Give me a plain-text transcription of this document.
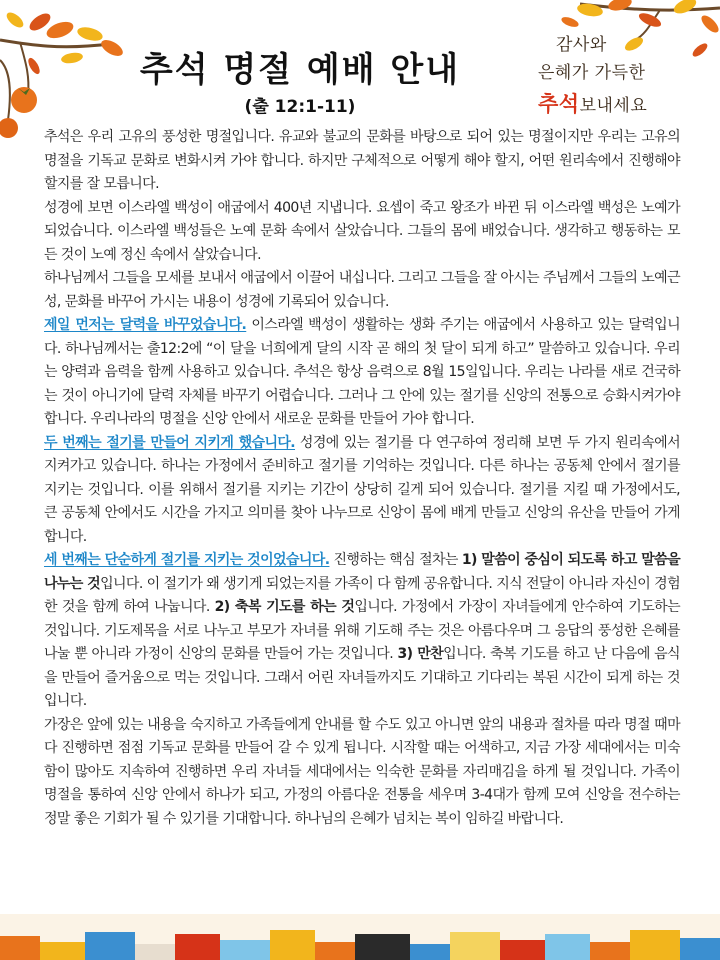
감사와
은혜가 가득한
추석보내세요
추석 명절 예배 안내
(출 12:1-11)

추석은 우리 고유의 풍성한 명절입니다. 유교와 불교의 문화를 바탕으로 되어 있는 명절이지만 우리는 고유의 명절을 기독교 문화로 변화시켜 가야 합니다. 하지만 구체적으로 어떻게 해야 할지, 어떤 원리속에서 진행해야 할지를 잘 모릅니다.

성경에 보면 이스라엘 백성이 애굽에서 400년 지냅니다. 요셉이 죽고 왕조가 바뀐 뒤 이스라엘 백성은 노예가 되었습니다. 이스라엘 백성들은 노예 문화 속에서 살았습니다. 그들의 몸에 배었습니다. 생각하고 행동하는 모든 것이 노예 정신 속에서 살았습니다.

하나님께서 그들을 모세를 보내서 애굽에서 이끌어 내십니다. 그리고 그들을 잘 아시는 주님께서 그들의 노예근성, 문화를 바꾸어 가시는 내용이 성경에 기록되어 있습니다.

제일 먼저는 달력을 바꾸었습니다. 이스라엘 백성이 생활하는 생화 주기는 애굽에서 사용하고 있는 달력입니다. 하나님께서는 출12:2에 “이 달을 너희에게 달의 시작 곧 해의 첫 달이 되게 하고” 말씀하고 있습니다. 우리는 양력과 음력을 함께 사용하고 있습니다. 추석은 항상 음력으로 8월 15일입니다. 우리는 나라를 새로 건국하는 것이 아니기에 달력 자체를 바꾸기 어렵습니다. 그러나 그 안에 있는 절기를 신앙의 전통으로 승화시켜가야 합니다. 우리나라의 명절을 신앙 안에서 새로운 문화를 만들어 가야 합니다.

두 번째는 절기를 만들어 지키게 했습니다. 성경에 있는 절기를 다 연구하여 정리해 보면 두 가지 원리속에서 지켜가고 있습니다. 하나는 가정에서 준비하고 절기를 기억하는 것입니다. 다른 하나는 공동체 안에서 절기를 지키는 것입니다. 이를 위해서 절기를 지키는 기간이 상당히 길게 되어 있습니다. 절기를 지킬 때 가정에서도, 큰 공동체 안에서도 시간을 가지고 의미를 찾아 나누므로 신앙이 몸에 배게 만들고 신앙의 유산을 만들어 가게 합니다.

세 번째는 단순하게 절기를 지키는 것이었습니다. 진행하는 핵심 절차는 1) 말씀이 중심이 되도록 하고 말씀을 나누는 것입니다. 이 절기가 왜 생기게 되었는지를 가족이 다 함께 공유합니다. 지식 전달이 아니라 자신이 경험한 것을 함께 하여 나눕니다. 2) 축복 기도를 하는 것입니다. 가정에서 가장이 자녀들에게 안수하여 기도하는 것입니다. 기도제목을 서로 나누고 부모가 자녀를 위해 기도해 주는 것은 아름다우며 그 응답의 풍성한 은혜를 나눌 뿐 아니라 가정이 신앙의 문화를 만들어 가는 것입니다. 3) 만찬입니다. 축복 기도를 하고 난 다음에 음식을 만들어 즐거움으로 먹는 것입니다. 그래서 어린 자녀들까지도 기대하고 기다리는 복된 시간이 되게 하는 것입니다.

가장은 앞에 있는 내용을 숙지하고 가족들에게 안내를 할 수도 있고 아니면 앞의 내용과 절차를 따라 명절 때마다 진행하면 점점 기독교 문화를 만들어 갈 수 있게 됩니다. 시작할 때는 어색하고, 지금 가장 세대에서는 미숙함이 많아도 지속하여 진행하면 우리 자녀들 세대에서는 익숙한 문화를 자리매김을 하게 될 것입니다. 가족이 명절을 통하여 신앙 안에서 하나가 되고, 가정의 아름다운 전통을 세우며 3-4대가 함께 모여 신앙을 전수하는 정말 좋은 기회가 될 수 있기를 기대합니다. 하나님의 은혜가 넘치는 복이 임하길 바랍니다.
